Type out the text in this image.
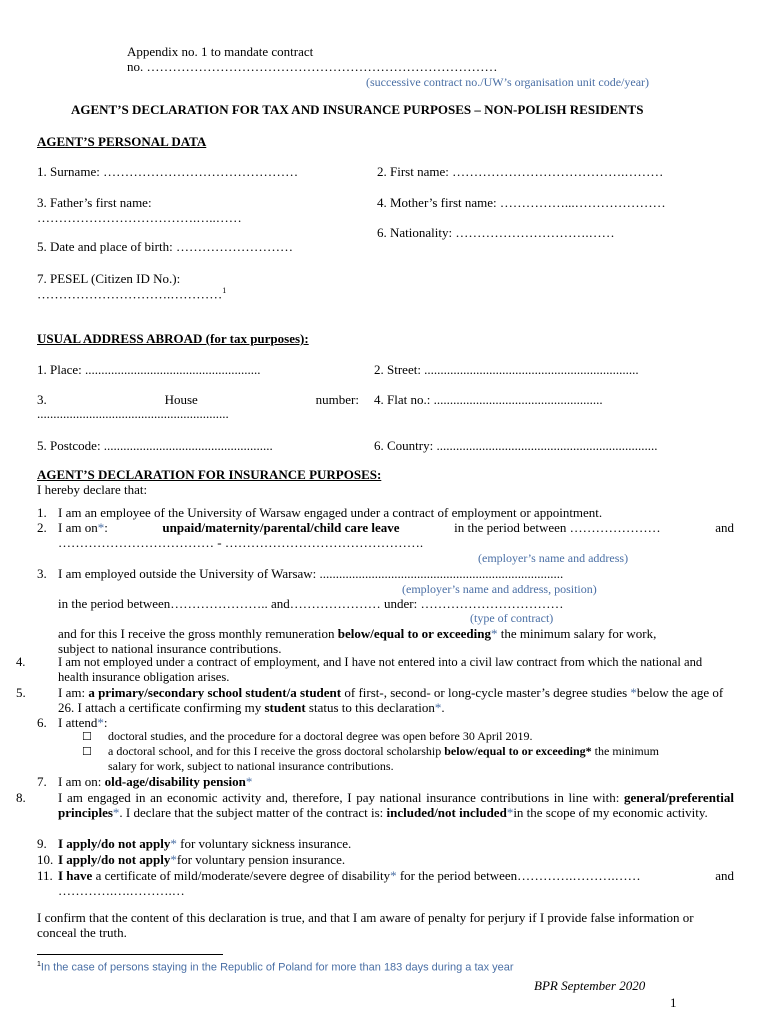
Appendix no. 1 to mandate contract
no. ………………………………………………………………………
(successive contract no./UW’s organisation unit code/year)
AGENT’S DECLARATION FOR TAX AND INSURANCE PURPOSES – NON-POLISH RESIDENTS
AGENT’S PERSONAL DATA
1. Surname: ………………………………………	2. First name: ………………………………….………
3. Father’s first name:
……………………………….…..……
4. Mother’s first name: ……………...…………………
6. Nationality: ………………………….……
5. Date and place of birth: ………………………
7. PESEL (Citizen ID No.):
………………………….…………$^1$
USUAL ADDRESS ABROAD (for tax purposes):
1. Place: ......................................................	2. Street: ..................................................................
3.	House	number:
...........................................................
4. Flat no.: ....................................................
5. Postcode: ....................................................	6. Country: ....................................................................
AGENT’S DECLARATION FOR INSURANCE PURPOSES:
I hereby declare that:
1. I am an employee of the University of Warsaw engaged under a contract of employment or appointment.
2. I am on*:	unpaid/maternity/parental/child care leave	in the period between …………………	and
……………………………… - ……………………………………….
(employer’s name and address)
3. I am employed outside the University of Warsaw: ...........................................................................
(employer’s name and address, position)
in the period between………………….. and………………… under: ……………………………
(type of contract)
and for this I receive the gross monthly remuneration below/equal to or exceeding* the minimum salary for work,
subject to national insurance contributions.
4.	I am not employed under a contract of employment, and I have not entered into a civil law contract from which the national and health insurance obligation arises.
5. I am: a primary/secondary school student/a student of first-, second- or long-cycle master’s degree studies *below the age of 26. I attach a certificate confirming my student status to this declaration*.
6. I attend*:
☐ doctoral studies, and the procedure for a doctoral degree was open before 30 April 2019.
☐ a doctoral school, and for this I receive the gross doctoral scholarship below/equal to or exceeding* the minimum
salary for work, subject to national insurance contributions.
7. I am on: old-age/disability pension*
8. I am engaged in an economic activity and, therefore, I pay national insurance contributions in line with: general/preferential principles*. I declare that the subject matter of the contract is: included/not included*in the scope of my economic activity.
9. I apply/do not apply* for voluntary sickness insurance.
10. I apply/do not apply*for voluntary pension insurance.
11. I have a certificate of mild/moderate/severe degree of disability* for the period between………….……….……	and
………….….……….…
I confirm that the content of this declaration is true, and that I am aware of penalty for perjury if I provide false information or conceal the truth.
$^1$In the case of persons staying in the Republic of Poland for more than 183 days during a tax year
BPR September 2020
1
